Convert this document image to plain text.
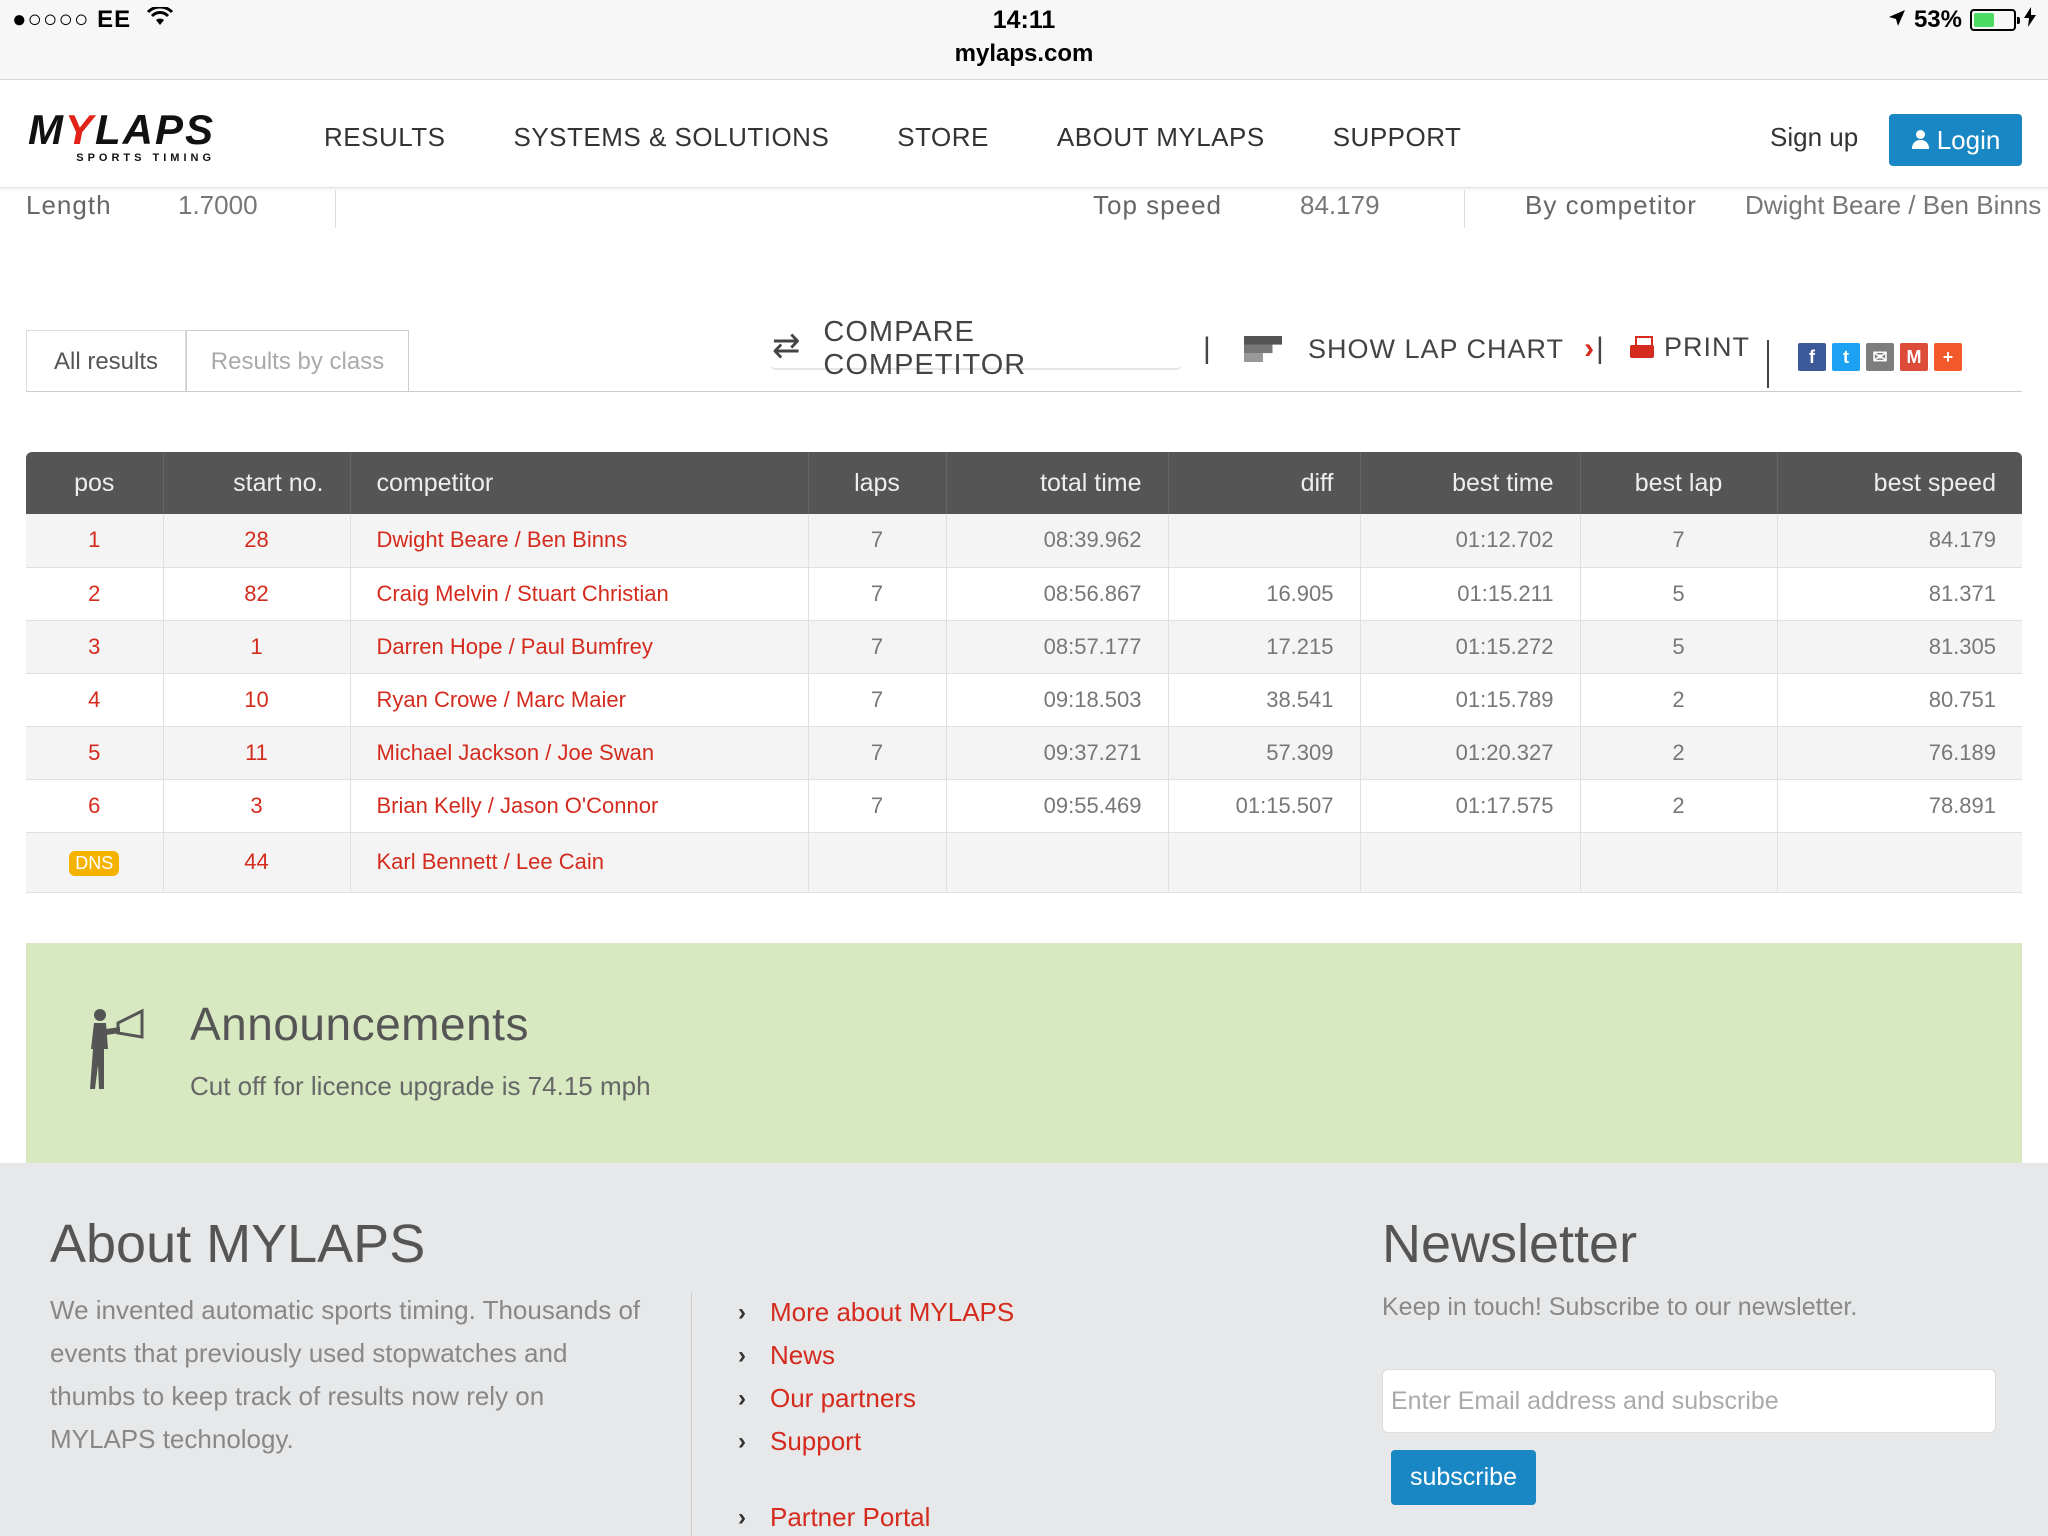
●○○○○ EE	14:11
mylaps.com
53%
MYLAPS
SPORTS TIMING
RESULTS	SYSTEMS & SOLUTIONS	STORE	ABOUT MYLAPS	SUPPORT	Sign up	Login
Length	1.7000	Top speed	84.179	By competitor Dwight Beare / Ben Binns
All results	Results by class
⇄
COMPARE COMPETITOR	|	SHOW LAP CHART › | PRINT	f	t	✉	M	+
pos	start no.	competitor	laps	total time	diff	best time	best lap	best speed
1	28	Dwight Beare / Ben Binns	7	08:39.962		01:12.702	7	84.179
2	82	Craig Melvin / Stuart Christian	7	08:56.867	16.905	01:15.211	5	81.371
3	1	Darren Hope / Paul Bumfrey	7	08:57.177	17.215	01:15.272	5	81.305
4	10	Ryan Crowe / Marc Maier	7	09:18.503	38.541	01:15.789	2	80.751
5	11	Michael Jackson / Joe Swan	7	09:37.271	57.309	01:20.327	2	76.189
6	3	Brian Kelly / Jason O'Connor	7	09:55.469	01:15.507	01:17.575	2	78.891
DNS	44	Karl Bennett / Lee Cain						
Announcements
Cut off for licence upgrade is 74.15 mph
About MYLAPS
We invented automatic sports timing. Thousands of events that previously used stopwatches and thumbs to keep track of results now rely on MYLAPS technology.
› More about MYLAPS
› News
› Our partners
› Support
› Partner Portal
Newsletter
Keep in touch! Subscribe to our newsletter.
Enter Email address and subscribe
subscribe
